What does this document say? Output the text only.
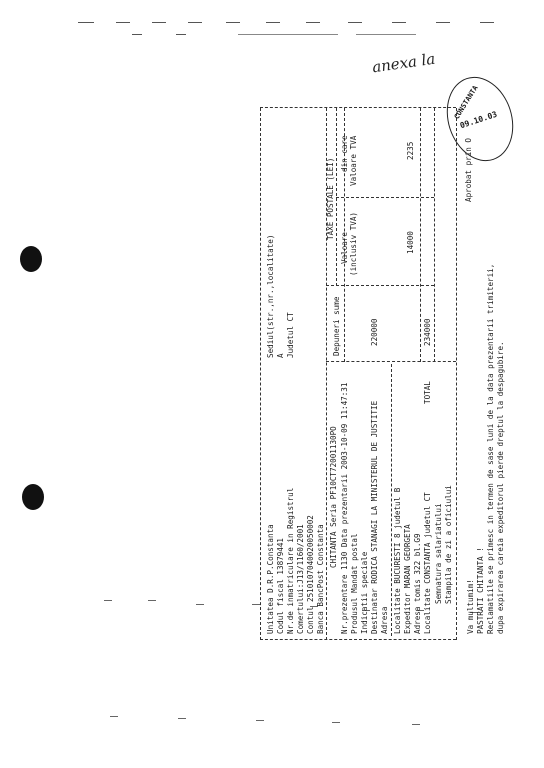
Unitatea D.R.P.Constanta Codul fiscal 13879441 Nr.de inmatriculare in Registrul Comertului:J13/1160/2001 Contul 2510107040020050002 Banca BancPost Constanta
Sediul(str.,nr.,localitate) A Judetul CT
CHITANTA Seria PF10CT72001130PO Nr.prezentare 1130 Data prezentarii 2003-10-09 11:47:31 Produsul Mandat postal Indicatii speciale Destinatar RODICA STANAGI LA MINISTERUL DE JUSTITIE Adresa Localitate BUCURESTI 8 judetul B Expeditor MARAN GEORGETA Adresa tomis 322 bl.G9 Localitate CONSTANTA judetul CT
TOTAL
Semnatura salariatului Stampila de zi a oficiului
Depuneri sume
TAXE POSTALE (LEI)
Valoare (inclusiv TVA)
din care Valoare TVA
220000
14000
2235
234000
Va multumim! PASTRATI CHITANTA ! Reclamatiile se primesc in termen de sase luni de la data prezentarii trimiterii, dupa expirarea careia expeditorul pierde dreptul la despagubire.
Aprobat prin O
anexa la
CONSTANTA
09.10.03
